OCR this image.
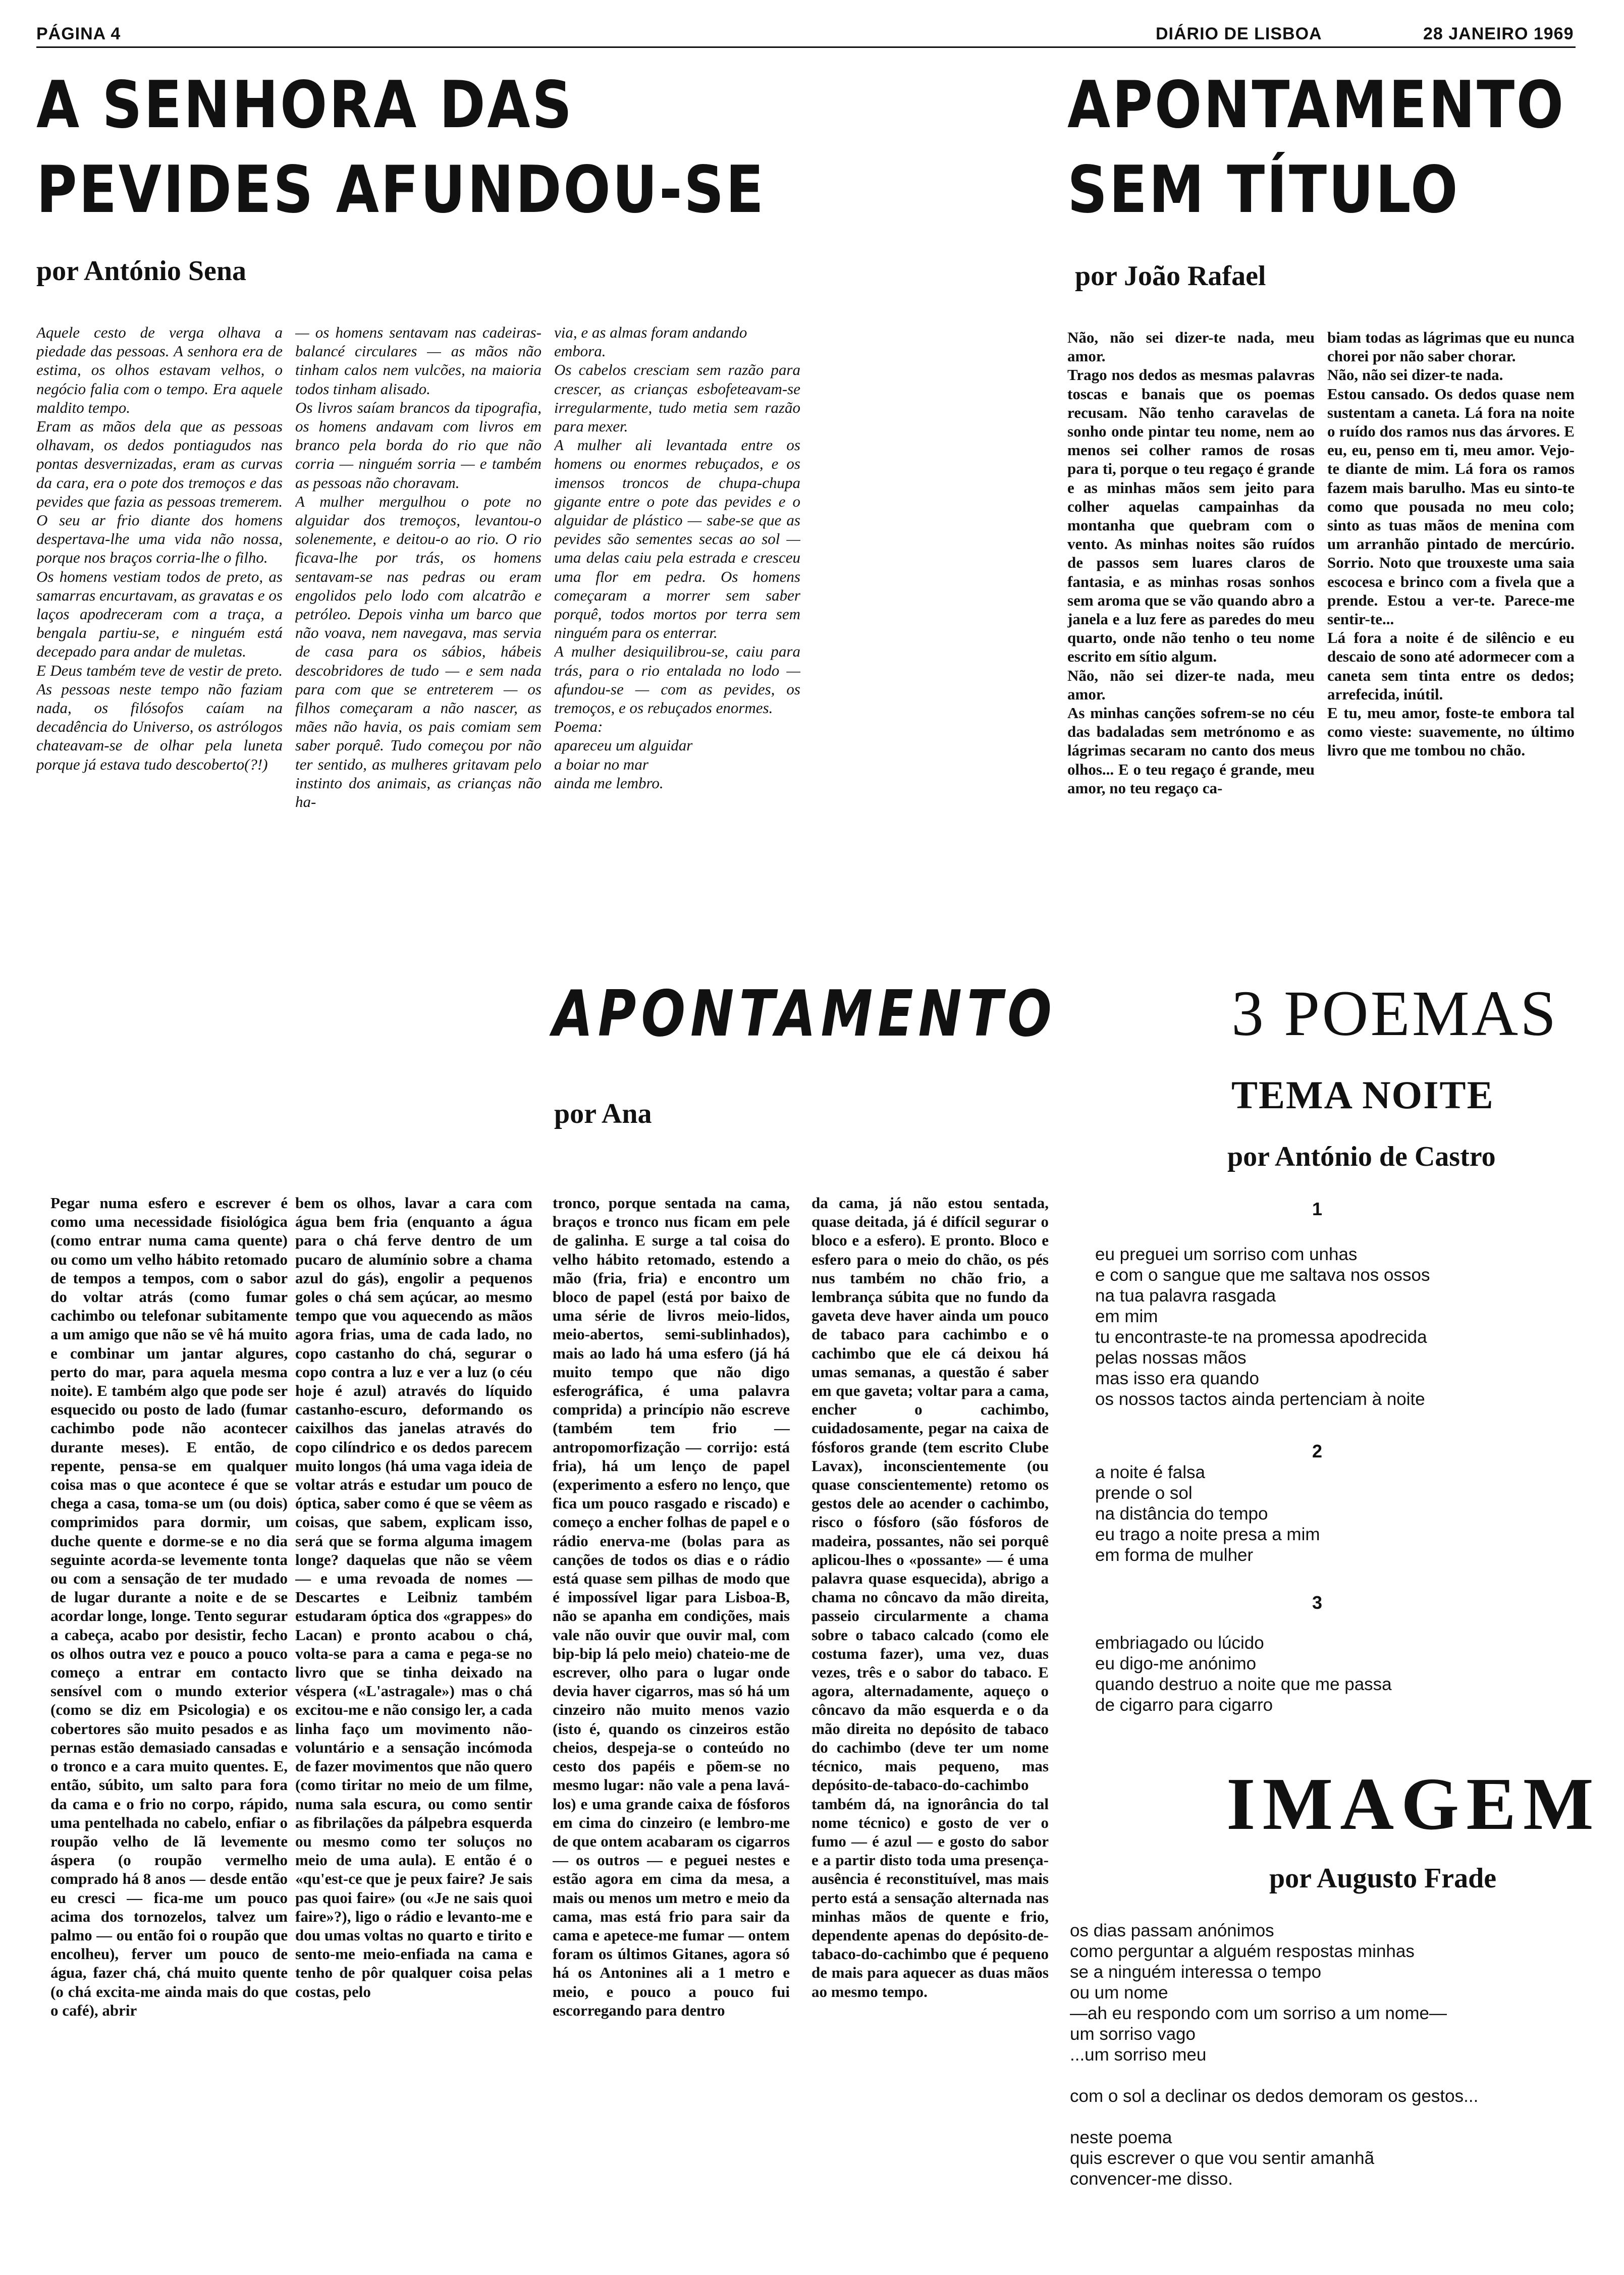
PÁGINA 4	DIÁRIO DE LISBOA	28 JANEIRO 1969
A SENHORA DAS
PEVIDES AFUNDOU-SE
por António Sena
Aquele cesto de verga olhava a piedade das pessoas. A senhora era de estima, os olhos estavam velhos, o negócio falia com o tempo. Era aquele maldito tempo.
Eram as mãos dela que as pessoas olhavam, os dedos pontiagudos nas pontas desvernizadas, eram as curvas da cara, era o pote dos tremoços e das pevides que fazia as pessoas tremerem. O seu ar frio diante dos homens despertava-lhe uma vida não nossa, porque nos braços corria-lhe o filho.
Os homens vestiam todos de preto, as samarras encurtavam, as gravatas e os laços apodreceram com a traça, a bengala partiu-se, e ninguém está decepado para andar de muletas.
E Deus também teve de vestir de preto. As pessoas neste tempo não faziam nada, os filósofos caíam na decadência do Universo, os astrólogos chateavam-se de olhar pela luneta porque já estava tudo descoberto(?!)
— os homens sentavam nas cadeiras-balancé circulares — as mãos não tinham calos nem vulcões, na maioria todos tinham alisado.
Os livros saíam brancos da tipografia, os homens andavam com livros em branco pela borda do rio que não corria — ninguém sorria — e também as pessoas não choravam.
A mulher mergulhou o pote no alguidar dos tremoços, levantou-o solenemente, e deitou-o ao rio. O rio ficava-lhe por trás, os homens sentavam-se nas pedras ou eram engolidos pelo lodo com alcatrão e petróleo. Depois vinha um barco que não voava, nem navegava, mas servia de casa para os sábios, hábeis descobridores de tudo — e sem nada para com que se entreterem — os filhos começaram a não nascer, as mães não havia, os pais comiam sem saber porquê. Tudo começou por não ter sentido, as mulheres gritavam pelo instinto dos animais, as crianças não ha-
via, e as almas foram andando
embora.
Os cabelos cresciam sem razão para crescer, as crianças esbofeteavam-se irregularmente, tudo metia sem razão para mexer.
A mulher ali levantada entre os homens ou enormes rebuçados, e os imensos troncos de chupa-chupa gigante entre o pote das pevides e o alguidar de plástico — sabe-se que as pevides são sementes secas ao sol — uma delas caiu pela estrada e cresceu uma flor em pedra. Os homens começaram a morrer sem saber porquê, todos mortos por terra sem ninguém para os enterrar.
A mulher desiquilibrou-se, caiu para trás, para o rio entalada no lodo — afundou-se — com as pevides, os tremoços, e os rebuçados enormes.
Poema:
apareceu um alguidar
a boiar no mar
ainda me lembro.
APONTAMENTO
SEM TÍTULO
por João Rafael
Não, não sei dizer-te nada, meu amor.
Trago nos dedos as mesmas palavras toscas e banais que os poemas recusam. Não tenho caravelas de sonho onde pintar teu nome, nem ao menos sei colher ramos de rosas para ti, porque o teu regaço é grande e as minhas mãos sem jeito para colher aquelas campainhas da montanha que quebram com o vento. As minhas noites são ruídos de passos sem luares claros de fantasia, e as minhas rosas sonhos sem aroma que se vão quando abro a janela e a luz fere as paredes do meu quarto, onde não tenho o teu nome escrito em sítio algum.
Não, não sei dizer-te nada, meu amor.
As minhas canções sofrem-se no céu das badaladas sem metrónomo e as lágrimas secaram no canto dos meus olhos... E o teu regaço é grande, meu amor, no teu regaço ca-
biam todas as lágrimas que eu nunca chorei por não saber chorar.
Não, não sei dizer-te nada.
Estou cansado. Os dedos quase nem sustentam a caneta. Lá fora na noite o ruído dos ramos nus das árvores. E eu, eu, penso em ti, meu amor. Vejo-te diante de mim. Lá fora os ramos fazem mais barulho. Mas eu sinto-te como que pousada no meu colo; sinto as tuas mãos de menina com um arranhão pintado de mercúrio. Sorrio. Noto que trouxeste uma saia escocesa e brinco com a fivela que a prende. Estou a ver-te. Parece-me sentir-te...
Lá fora a noite é de silêncio e eu descaio de sono até adormecer com a caneta sem tinta entre os dedos; arrefecida, inútil.
E tu, meu amor, foste-te embora tal como vieste: suavemente, no último livro que me tombou no chão.
APONTAMENTO
por Ana
Pegar numa esfero e escrever é como uma necessidade fisiológica (como entrar numa cama quente) ou como um velho hábito retomado de tempos a tempos, com o sabor do voltar atrás (como fumar cachimbo ou telefonar subitamente a um amigo que não se vê há muito e combinar um jantar algures, perto do mar, para aquela mesma noite). E também algo que pode ser esquecido ou posto de lado (fumar cachimbo pode não acontecer durante meses). E então, de repente, pensa-se em qualquer coisa mas o que acontece é que se chega a casa, toma-se um (ou dois) comprimidos para dormir, um duche quente e dorme-se e no dia seguinte acorda-se levemente tonta ou com a sensação de ter mudado de lugar durante a noite e de se acordar longe, longe. Tento segurar a cabeça, acabo por desistir, fecho os olhos outra vez e pouco a pouco começo a entrar em contacto sensível com o mundo exterior (como se diz em Psicologia) e os cobertores são muito pesados e as pernas estão demasiado cansadas e o tronco e a cara muito quentes. E, então, súbito, um salto para fora da cama e o frio no corpo, rápido, uma pentelhada no cabelo, enfiar o roupão velho de lã levemente áspera (o roupão vermelho comprado há 8 anos — desde então eu cresci — fica-me um pouco acima dos tornozelos, talvez um palmo — ou então foi o roupão que encolheu), ferver um pouco de água, fazer chá, chá muito quente (o chá excita-me ainda mais do que o café), abrir
bem os olhos, lavar a cara com água bem fria (enquanto a água para o chá ferve dentro de um pucaro de alumínio sobre a chama azul do gás), engolir a pequenos goles o chá sem açúcar, ao mesmo tempo que vou aquecendo as mãos agora frias, uma de cada lado, no copo castanho do chá, segurar o copo contra a luz e ver a luz (o céu hoje é azul) através do líquido castanho-escuro, deformando os caixilhos das janelas através do copo cilíndrico e os dedos parecem muito longos (há uma vaga ideia de voltar atrás e estudar um pouco de óptica, saber como é que se vêem as coisas, que sabem, explicam isso, será que se forma alguma imagem longe? daquelas que não se vêem — e uma revoada de nomes — Descartes e Leibniz também estudaram óptica dos «grappes» do Lacan) e pronto acabou o chá, volta-se para a cama e pega-se no livro que se tinha deixado na véspera («L'astragale») mas o chá excitou-me e não consigo ler, a cada linha faço um movimento não-voluntário e a sensação incómoda de fazer movimentos que não quero (como tiritar no meio de um filme, numa sala escura, ou como sentir as fibrilações da pálpebra esquerda ou mesmo como ter soluços no meio de uma aula). E então é o «qu'est-ce que je peux faire? Je sais pas quoi faire» (ou «Je ne sais quoi faire»?), ligo o rádio e levanto-me e dou umas voltas no quarto e tirito e sento-me meio-enfiada na cama e tenho de pôr qualquer coisa pelas costas, pelo
tronco, porque sentada na cama, braços e tronco nus ficam em pele de galinha. E surge a tal coisa do velho hábito retomado, estendo a mão (fria, fria) e encontro um bloco de papel (está por baixo de uma série de livros meio-lidos, meio-abertos, semi-sublinhados), mais ao lado há uma esfero (já há muito tempo que não digo esferográfica, é uma palavra comprida) a princípio não escreve (também tem frio — antropomorfização — corrijo: está fria), há um lenço de papel (experimento a esfero no lenço, que fica um pouco rasgado e riscado) e começo a encher folhas de papel e o rádio enerva-me (bolas para as canções de todos os dias e o rádio está quase sem pilhas de modo que é impossível ligar para Lisboa-B, não se apanha em condições, mais vale não ouvir que ouvir mal, com bip-bip lá pelo meio) chateio-me de escrever, olho para o lugar onde devia haver cigarros, mas só há um cinzeiro não muito menos vazio (isto é, quando os cinzeiros estão cheios, despeja-se o conteúdo no cesto dos papéis e põem-se no mesmo lugar: não vale a pena lavá-los) e uma grande caixa de fósforos em cima do cinzeiro (e lembro-me de que ontem acabaram os cigarros — os outros — e peguei nestes e estão agora em cima da mesa, a mais ou menos um metro e meio da cama, mas está frio para sair da cama e apetece-me fumar — ontem foram os últimos Gitanes, agora só há os Antonines ali a 1 metro e meio, e pouco a pouco fui escorregando para dentro
da cama, já não estou sentada, quase deitada, já é difícil segurar o bloco e a esfero). E pronto. Bloco e esfero para o meio do chão, os pés nus também no chão frio, a lembrança súbita que no fundo da gaveta deve haver ainda um pouco de tabaco para cachimbo e o cachimbo que ele cá deixou há umas semanas, a questão é saber em que gaveta; voltar para a cama, encher o cachimbo, cuidadosamente, pegar na caixa de fósforos grande (tem escrito Clube Lavax), inconscientemente (ou quase conscientemente) retomo os gestos dele ao acender o cachimbo, risco o fósforo (são fósforos de madeira, possantes, não sei porquê aplicou-lhes o «possante» — é uma palavra quase esquecida), abrigo a chama no côncavo da mão direita, passeio circularmente a chama sobre o tabaco calcado (como ele costuma fazer), uma vez, duas vezes, três e o sabor do tabaco. E agora, alternadamente, aqueço o côncavo da mão esquerda e o da mão direita no depósito de tabaco do cachimbo (deve ter um nome técnico, mais pequeno, mas depósito-de-tabaco-do-cachimbo também dá, na ignorância do tal nome técnico) e gosto de ver o fumo — é azul — e gosto do sabor e a partir disto toda uma presença-ausência é reconstituível, mas mais perto está a sensação alternada nas minhas mãos de quente e frio, dependente apenas do depósito-de-tabaco-do-cachimbo que é pequeno de mais para aquecer as duas mãos ao mesmo tempo.
3 POEMAS
TEMA NOITE
por António de Castro
1
eu preguei um sorriso com unhas
e com o sangue que me saltava nos ossos
na tua palavra rasgada
em mim
tu encontraste-te na promessa apodrecida
pelas nossas mãos
mas isso era quando
os nossos tactos ainda pertenciam à noite
2
a noite é falsa
prende o sol
na distância do tempo
eu trago a noite presa a mim
em forma de mulher
3
embriagado ou lúcido
eu digo-me anónimo
quando destruo a noite que me passa
de cigarro para cigarro
IMAGEM
por Augusto Frade
os dias passam anónimos
como perguntar a alguém respostas minhas
se a ninguém interessa o tempo
ou um nome
—ah eu respondo com um sorriso a um nome—
um sorriso vago
...um sorriso meu

com o sol a declinar os dedos demoram os gestos...

neste poema
quis escrever o que vou sentir amanhã
convencer-me disso.
